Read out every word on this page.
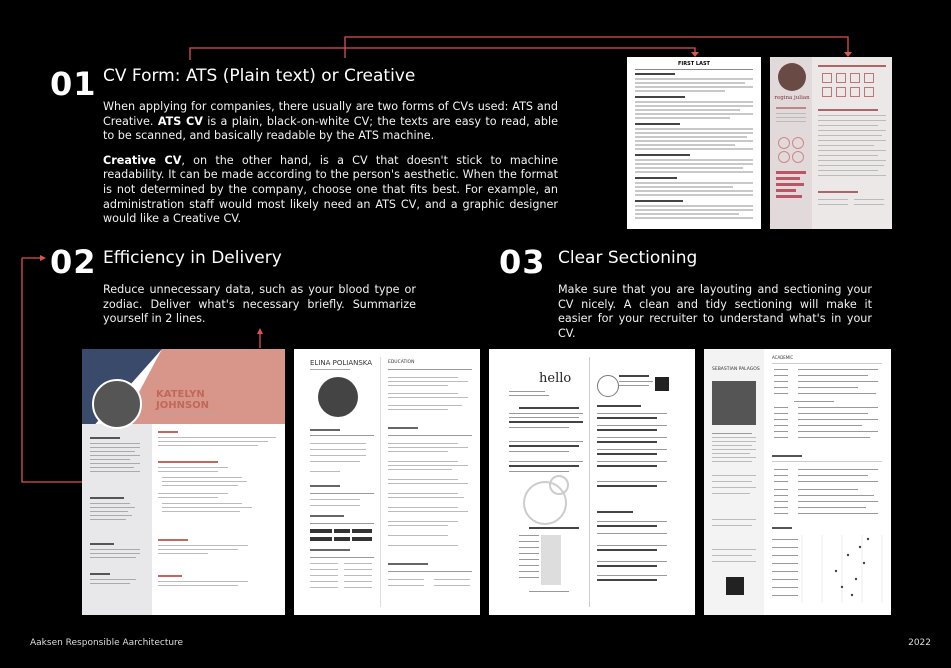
01 CV Form: ATS (Plain text) or Creative

When applying for companies, there usually are two forms of CVs used: ATS and Creative. ATS CV is a plain, black-on-white CV; the texts are easy to read, able to be scanned, and basically readable by the ATS machine.

Creative CV, on the other hand, is a CV that doesn't stick to machine readability. It can be made according to the person's aesthetic. When the format is not determined by the company, choose one that fits best. For example, an administration staff would most likely need an ATS CV, and a graphic designer would like a Creative CV.

FIRST LAST
regina julian
02 Efficiency in Delivery
Reduce unnecessary data, such as your blood type or zodiac. Deliver what's necessary briefly. Summarize yourself in 2 lines.
03 Clear Sectioning
Make sure that you are layouting and sectioning your CV nicely. A clean and tidy sectioning will make it easier for your recruiter to understand what's in your CV.
KATELYN
JOHNSON
SOCIAL MEDIA MANAGER
ELINA POLIANSKA	EDUCATION
hello
SEBASTIAN PALAGOS
ACADEMIC
Aaksen Responsible Aarchitecture	2022
